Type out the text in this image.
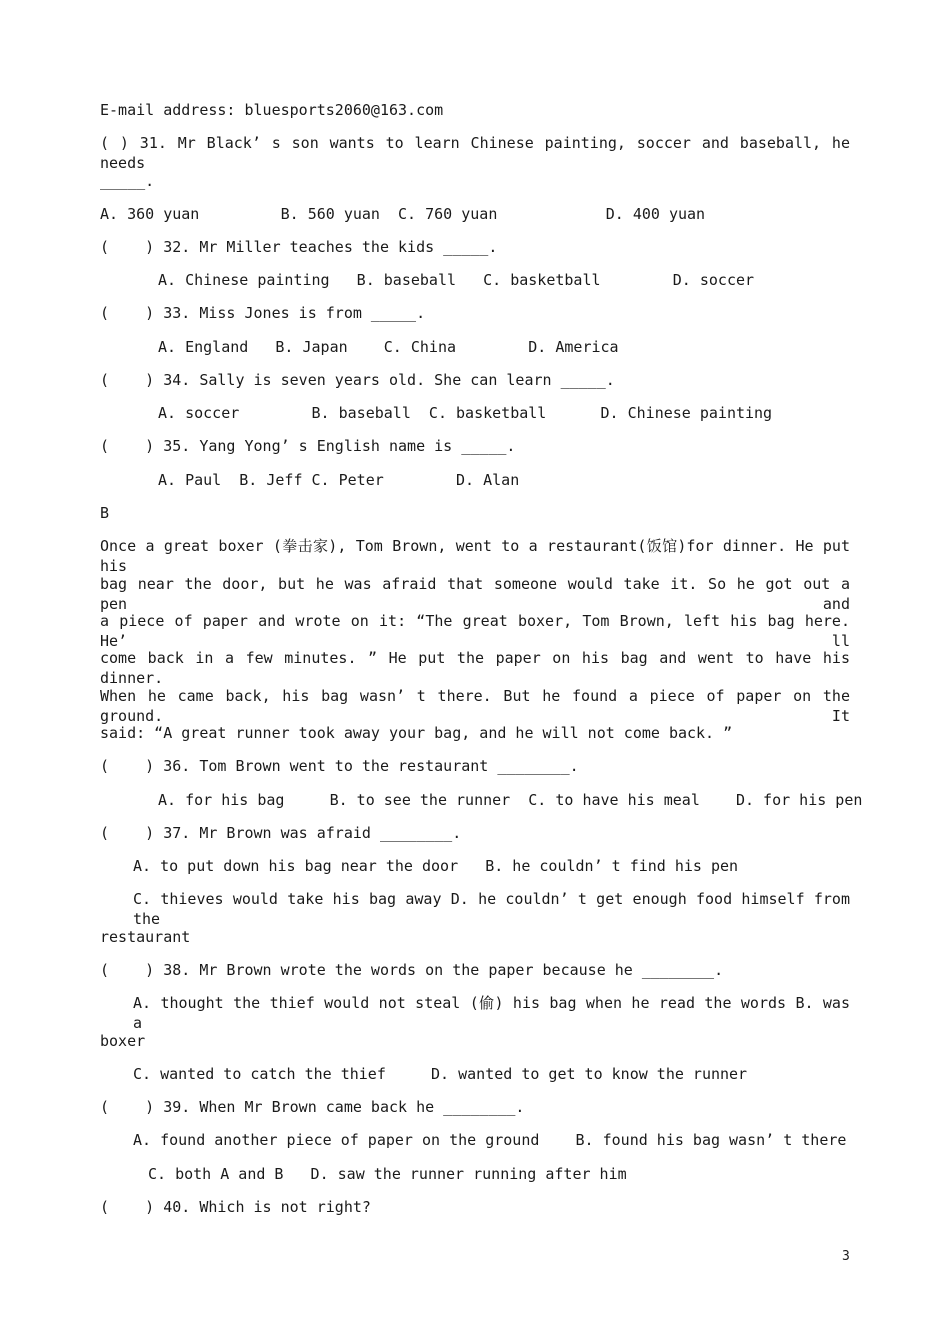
E-mail address: bluesports2060@163.com
( ) 31. Mr Black’ s son wants to learn Chinese painting, soccer and baseball, he needs
_____.
A. 360 yuan         B. 560 yuan  C. 760 yuan            D. 400 yuan
(    ) 32. Mr Miller teaches the kids _____.
A. Chinese painting   B. baseball   C. basketball        D. soccer
(    ) 33. Miss Jones is from _____.
A. England   B. Japan    C. China        D. America
(    ) 34. Sally is seven years old. She can learn _____.
A. soccer        B. baseball  C. basketball      D. Chinese painting
(    ) 35. Yang Yong’ s English name is _____.
A. Paul  B. Jeff C. Peter        D. Alan
B
Once a great boxer (拳击家), Tom Brown, went to a restaurant(饭馆)for dinner. He put his
bag near the door, but he was afraid that someone would take it. So he got out a pen and
a piece of paper and wrote on it: “The great boxer, Tom Brown, left his bag here. He’ ll
come back in a few minutes. ” He put the paper on his bag and went to have his dinner.
When he came back, his bag wasn’ t there. But he found a piece of paper on the ground. It
said: “A great runner took away your bag, and he will not come back. ”
(    ) 36. Tom Brown went to the restaurant ________.
A. for his bag     B. to see the runner  C. to have his meal    D. for his pen
(    ) 37. Mr Brown was afraid ________.
A. to put down his bag near the door   B. he couldn’ t find his pen
C. thieves would take his bag away D. he couldn’ t get enough food himself from the
restaurant
(    ) 38. Mr Brown wrote the words on the paper because he ________.
A. thought the thief would not steal (偷) his bag when he read the words B. was a
boxer
C. wanted to catch the thief     D. wanted to get to know the runner
(    ) 39. When Mr Brown came back he ________.
A. found another piece of paper on the ground    B. found his bag wasn’ t there
C. both A and B   D. saw the runner running after him
(    ) 40. Which is not right?
3
